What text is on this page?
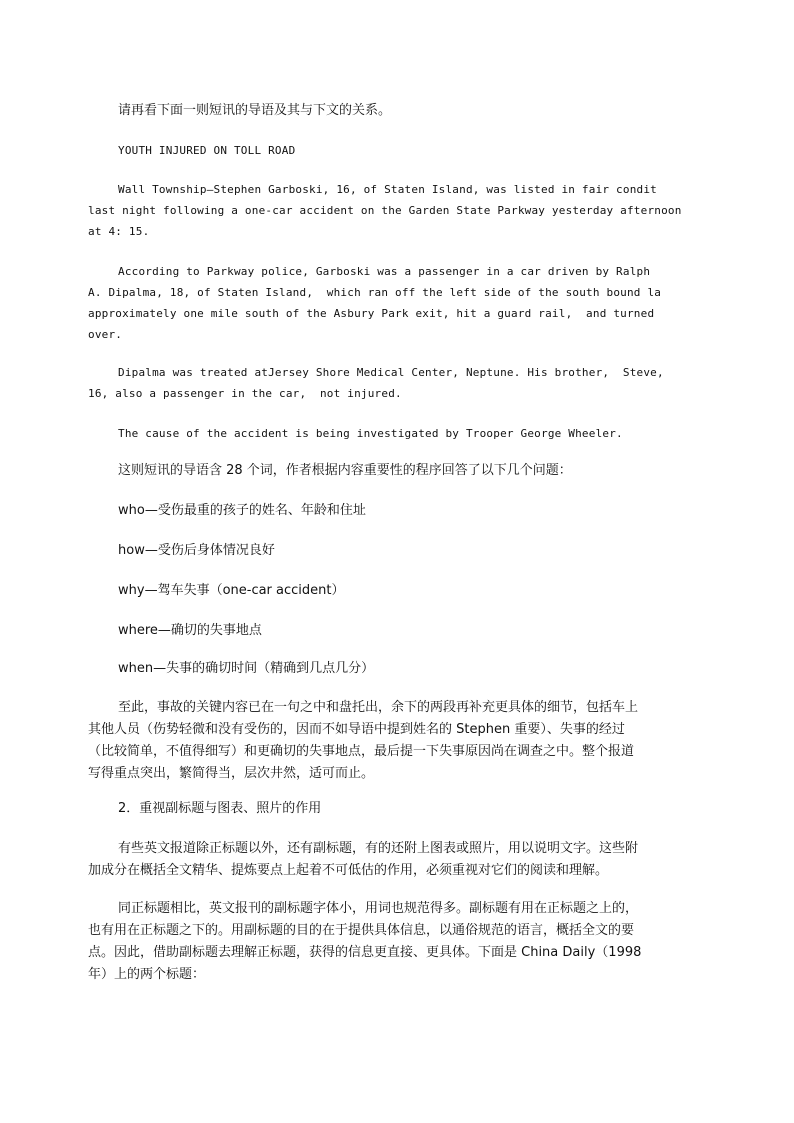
请再看下面一则短讯的导语及其与下文的关系。
YOUTH INJURED ON TOLL ROAD
Wall Township—Stephen Garboski, 16, of Staten Island, was listed in fair condit
last night following a one-car accident on the Garden State Parkway yesterday afternoon
at 4: 15.
According to Parkway police, Garboski was a passenger in a car driven by Ralph
A. Dipalma, 18, of Staten Island,  which ran off the left side of the south bound la
approximately one mile south of the Asbury Park exit, hit a guard rail,  and turned
over.
Dipalma was treated atJersey Shore Medical Center, Neptune. His brother,  Steve,
16, also a passenger in the car,  not injured.
The cause of the accident is being investigated by Trooper George Wheeler.
这则短讯的导语含 28 个词，作者根据内容重要性的程序回答了以下几个问题：
who—受伤最重的孩子的姓名、年龄和住址
how—受伤后身体情况良好
why—驾车失事（one-car accident）
where—确切的失事地点
when—失事的确切时间（精确到几点几分）
至此，事故的关键内容已在一句之中和盘托出，余下的两段再补充更具体的细节，包括车上
其他人员（伤势轻微和没有受伤的，因而不如导语中提到姓名的 Stephen 重要）、失事的经过
（比较简单，不值得细写）和更确切的失事地点，最后提一下失事原因尚在调查之中。整个报道
写得重点突出，繁简得当，层次井然，适可而止。
2．重视副标题与图表、照片的作用
有些英文报道除正标题以外，还有副标题，有的还附上图表或照片，用以说明文字。这些附
加成分在概括全文精华、提炼要点上起着不可低估的作用，必须重视对它们的阅读和理解。
同正标题相比，英文报刊的副标题字体小，用词也规范得多。副标题有用在正标题之上的，
也有用在正标题之下的。用副标题的目的在于提供具体信息，以通俗规范的语言，概括全文的要
点。因此，借助副标题去理解正标题，获得的信息更直接、更具体。下面是 China Daily（1998
年）上的两个标题：
